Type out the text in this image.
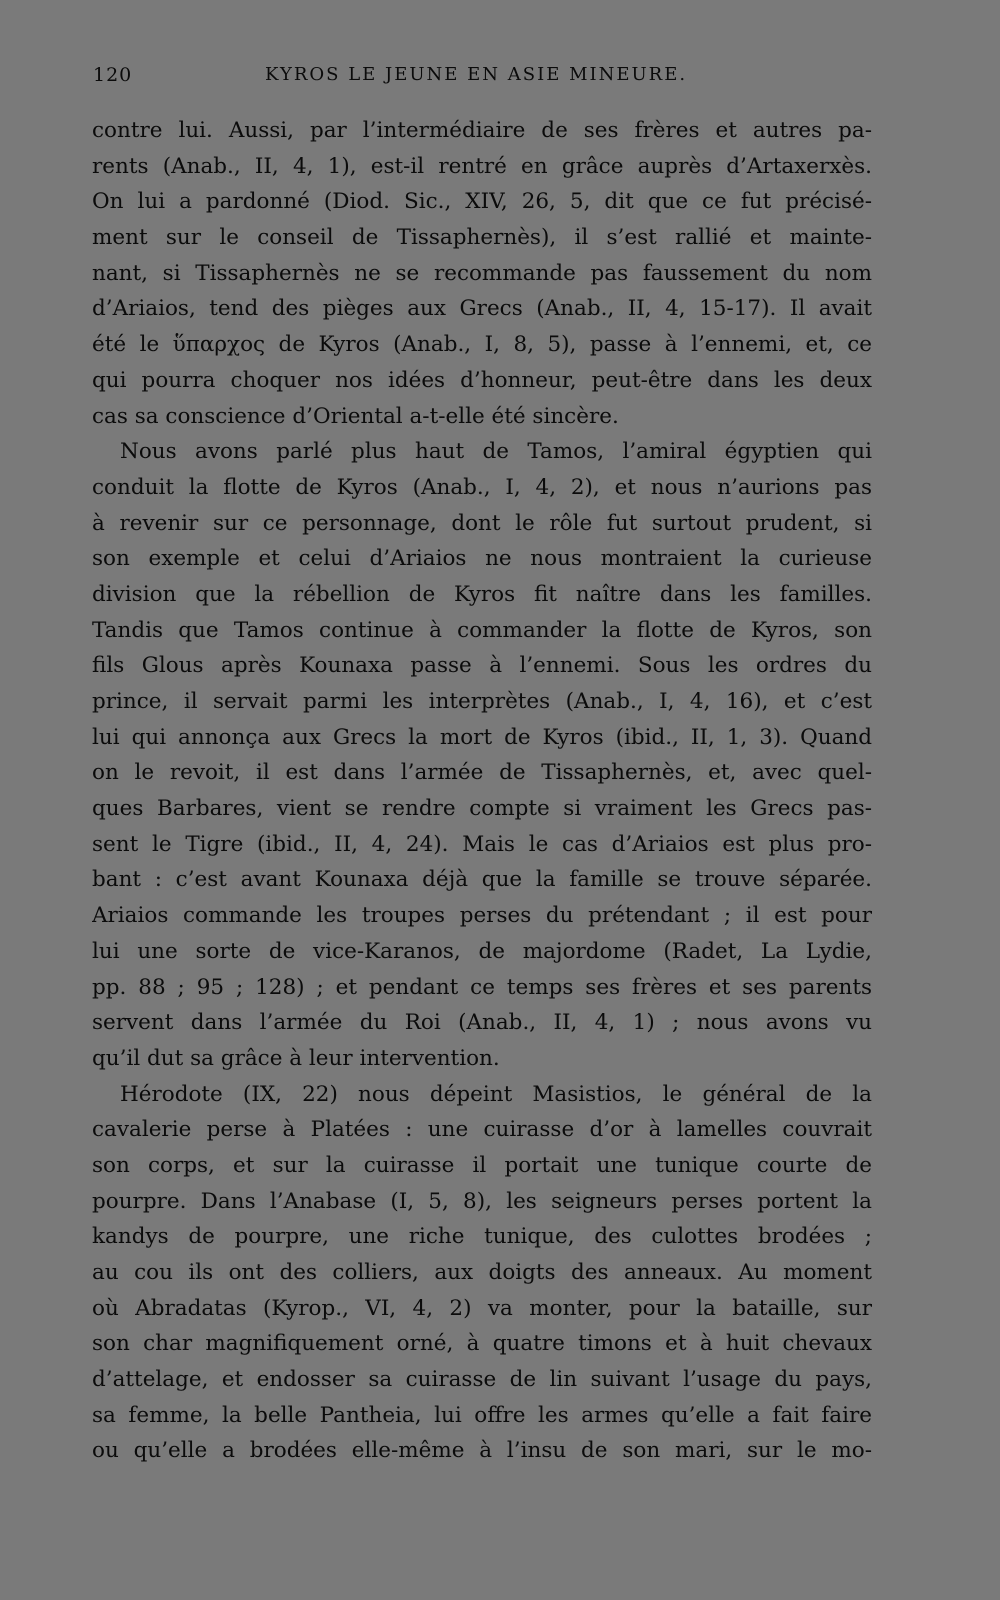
120	KYROS LE JEUNE EN ASIE MINEURE.
contre lui. Aussi, par l’intermédiaire de ses frères et autres pa-
rents (Anab., II, 4, 1), est-il rentré en grâce auprès d’Artaxerxès.
On lui a pardonné (Diod. Sic., XIV, 26, 5, dit que ce fut précisé-
ment sur le conseil de Tissaphernès), il s’est rallié et mainte-
nant, si Tissaphernès ne se recommande pas faussement du nom
d’Ariaios, tend des pièges aux Grecs (Anab., II, 4, 15-17). Il avait
été le ὕπαρχος de Kyros (Anab., I, 8, 5), passe à l’ennemi, et, ce
qui pourra choquer nos idées d’honneur, peut-être dans les deux
cas sa conscience d’Oriental a-t-elle été sincère.
Nous avons parlé plus haut de Tamos, l’amiral égyptien qui
conduit la flotte de Kyros (Anab., I, 4, 2), et nous n’aurions pas
à revenir sur ce personnage, dont le rôle fut surtout prudent, si
son exemple et celui d’Ariaios ne nous montraient la curieuse
division que la rébellion de Kyros fit naître dans les familles.
Tandis que Tamos continue à commander la flotte de Kyros, son
fils Glous après Kounaxa passe à l’ennemi. Sous les ordres du
prince, il servait parmi les interprètes (Anab., I, 4, 16), et c’est
lui qui annonça aux Grecs la mort de Kyros (ibid., II, 1, 3). Quand
on le revoit, il est dans l’armée de Tissaphernès, et, avec quel-
ques Barbares, vient se rendre compte si vraiment les Grecs pas-
sent le Tigre (ibid., II, 4, 24). Mais le cas d’Ariaios est plus pro-
bant : c’est avant Kounaxa déjà que la famille se trouve séparée.
Ariaios commande les troupes perses du prétendant ; il est pour
lui une sorte de vice-Karanos, de majordome (Radet, La Lydie,
pp. 88 ; 95 ; 128) ; et pendant ce temps ses frères et ses parents
servent dans l’armée du Roi (Anab., II, 4, 1) ; nous avons vu
qu’il dut sa grâce à leur intervention.
Hérodote (IX, 22) nous dépeint Masistios, le général de la
cavalerie perse à Platées : une cuirasse d’or à lamelles couvrait
son corps, et sur la cuirasse il portait une tunique courte de
pourpre. Dans l’Anabase (I, 5, 8), les seigneurs perses portent la
kandys de pourpre, une riche tunique, des culottes brodées ;
au cou ils ont des colliers, aux doigts des anneaux. Au moment
où Abradatas (Kyrop., VI, 4, 2) va monter, pour la bataille, sur
son char magnifiquement orné, à quatre timons et à huit chevaux
d’attelage, et endosser sa cuirasse de lin suivant l’usage du pays,
sa femme, la belle Pantheia, lui offre les armes qu’elle a fait faire
ou qu’elle a brodées elle-même à l’insu de son mari, sur le mo-
